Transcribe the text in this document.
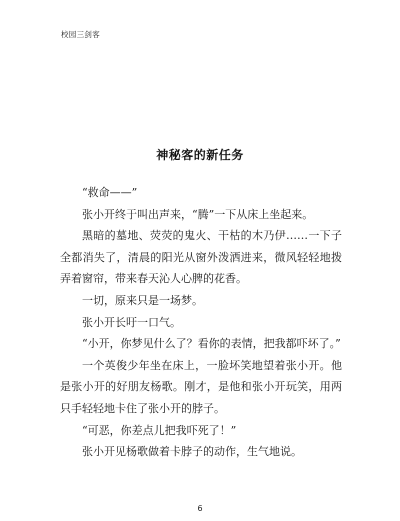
校园三剑客
神秘客的新任务

“救命——”

张小开终于叫出声来，“腾”一下从床上坐起来。

黑暗的墓地、荧荧的鬼火、干枯的木乃伊……一下子全都消失了，清晨的阳光从窗外泼洒进来，微风轻轻地拨弄着窗帘，带来春天沁人心脾的花香。

一切，原来只是一场梦。

张小开长吁一口气。

“小开，你梦见什么了？看你的表情，把我都吓坏了。”

一个英俊少年坐在床上，一脸坏笑地望着张小开。他是张小开的好朋友杨歌。刚才，是他和张小开玩笑，用两只手轻轻地卡住了张小开的脖子。

“可恶，你差点儿把我吓死了！”

张小开见杨歌做着卡脖子的动作，生气地说。

6
